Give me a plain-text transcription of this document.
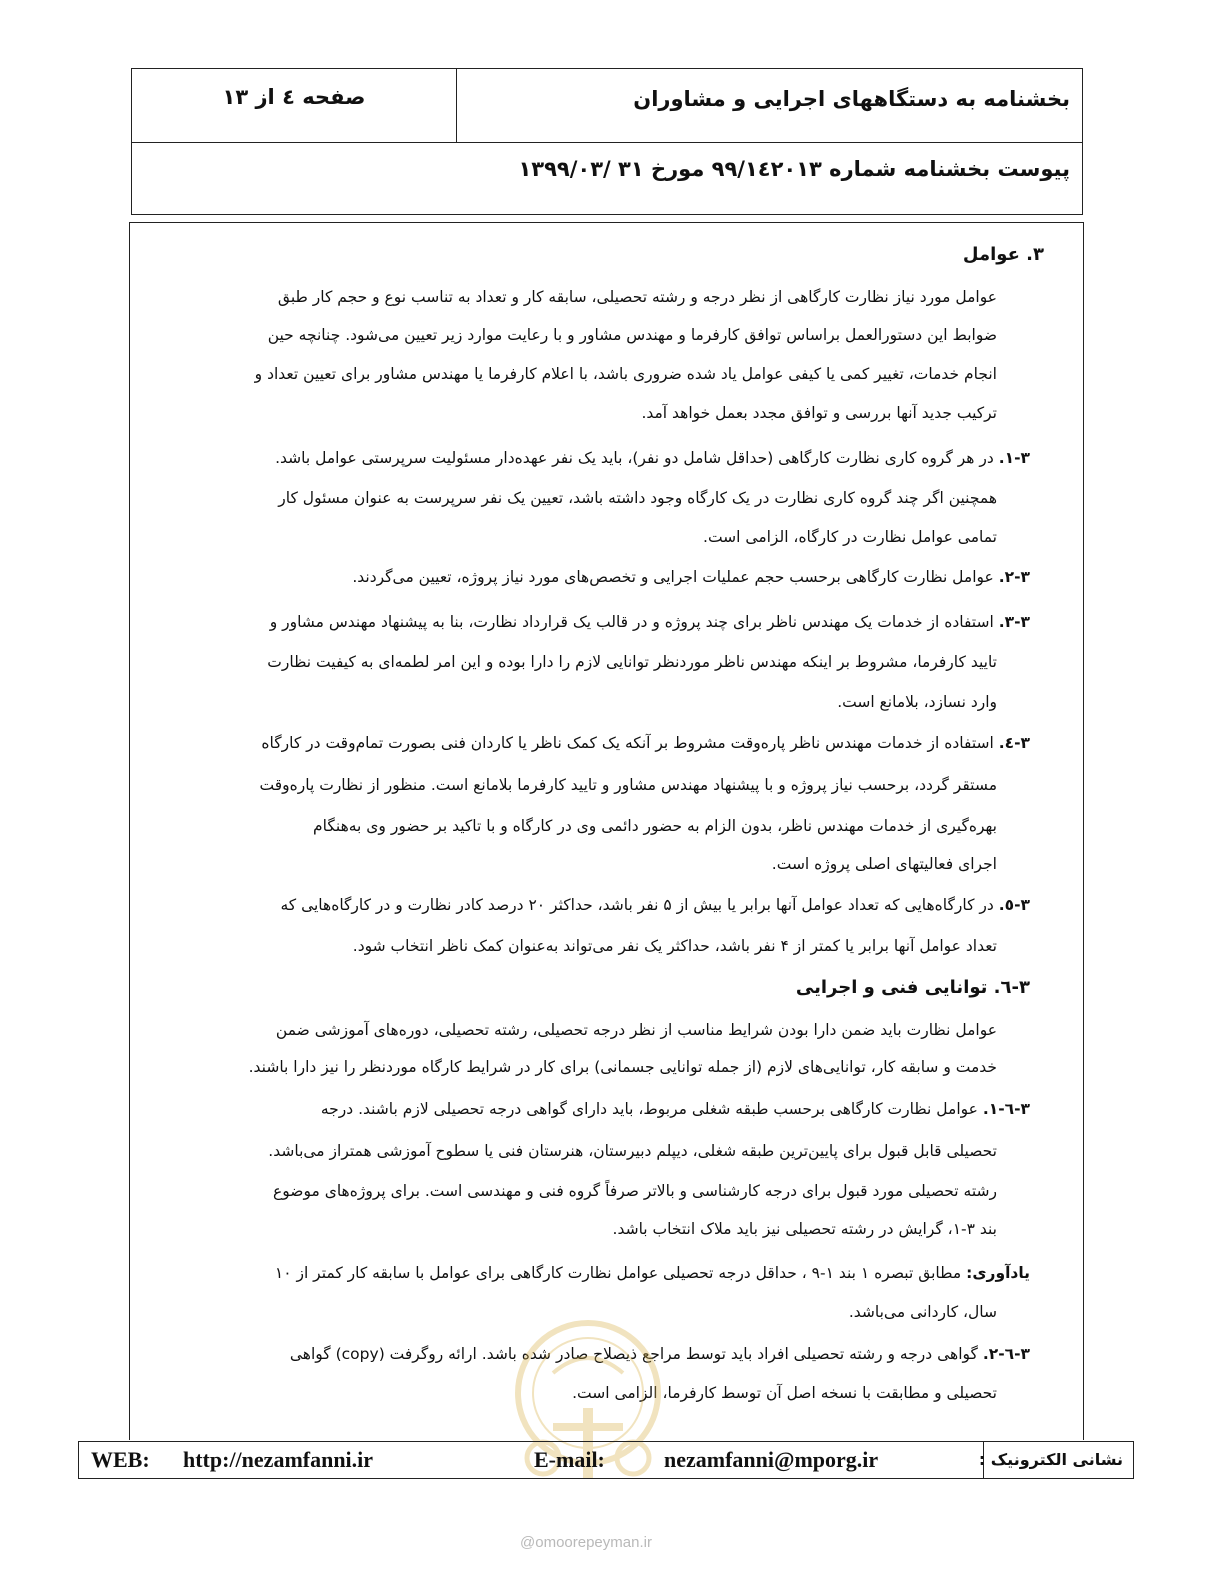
بخشنامه به دستگاههای اجرایی و مشاوران
صفحه ٤ از ١٣
پیوست بخشنامه شماره ٩٩/١٤٢٠١٣ مورخ ٣١ /١٣٩٩/٠٣
٣. عوامل
عوامل مورد نیاز نظارت کارگاهی از نظر درجه و رشته تحصیلی، سابقه کار و تعداد به تناسب نوع و حجم کار طبق
ضوابط این دستورالعمل براساس توافق کارفرما و مهندس مشاور و با رعایت موارد زیر تعیین می‌شود. چنانچه حین
انجام خدمات، تغییر کمی یا کیفی عوامل یاد شده ضروری باشد، با اعلام کارفرما یا مهندس مشاور برای تعیین تعداد و
ترکیب جدید آنها بررسی و توافق مجدد بعمل خواهد آمد.
٣-١. در هر گروه کاری نظارت کارگاهی (حداقل شامل دو نفر)، باید یک نفر عهده‌دار مسئولیت سرپرستی عوامل باشد.
همچنین اگر چند گروه کاری نظارت در یک کارگاه وجود داشته باشد، تعیین یک نفر سرپرست به عنوان مسئول کار
تمامی عوامل نظارت در کارگاه، الزامی است.
٣-٢. عوامل نظارت کارگاهی برحسب حجم عملیات اجرایی و تخصص‌های مورد نیاز پروژه، تعیین می‌گردند.
٣-٣. استفاده از خدمات یک مهندس ناظر برای چند پروژه و در قالب یک قرارداد نظارت، بنا به پیشنهاد مهندس مشاور و
تایید کارفرما، مشروط بر اینکه مهندس ناظر موردنظر توانایی لازم را دارا بوده و این امر لطمه‌ای به کیفیت نظارت
وارد نسازد، بلامانع است.
٣-٤. استفاده از خدمات مهندس ناظر پاره‌وقت مشروط بر آنکه یک کمک ناظر یا کاردان فنی بصورت تمام‌وقت در کارگاه
مستقر گردد، برحسب نیاز پروژه و با پیشنهاد مهندس مشاور و تایید کارفرما بلامانع است. منظور از نظارت پاره‌وقت
بهره‌گیری از خدمات مهندس ناظر، بدون الزام به حضور دائمی وی در کارگاه و با تاکید بر حضور وی به‌هنگام
اجرای فعالیتهای اصلی پروژه است.
٣-٥. در کارگاه‌هایی که تعداد عوامل آنها برابر یا بیش از ۵ نفر باشد، حداکثر ۲۰ درصد کادر نظارت و در کارگاه‌هایی که
تعداد عوامل آنها برابر یا کمتر از ۴ نفر باشد، حداکثر یک نفر می‌تواند به‌عنوان کمک ناظر انتخاب شود.
٣-٦. توانایی فنی و اجرایی
عوامل نظارت باید ضمن دارا بودن شرایط مناسب از نظر درجه تحصیلی، رشته تحصیلی، دوره‌های آموزشی ضمن
خدمت و سابقه کار، توانایی‌های لازم (از جمله توانایی جسمانی) برای کار در شرایط کارگاه موردنظر را نیز دارا باشند.
٣-٦-١. عوامل نظارت کارگاهی برحسب طبقه شغلی مربوط، باید دارای گواهی درجه تحصیلی لازم باشند. درجه
تحصیلی قابل قبول برای پایین‌ترین طبقه شغلی، دیپلم دبیرستان، هنرستان فنی یا سطوح آموزشی همتراز می‌باشد.
رشته تحصیلی مورد قبول برای درجه کارشناسی و بالاتر صرفاً گروه فنی و مهندسی است. برای پروژه‌های موضوع
بند ٣-١، گرایش در رشته تحصیلی نیز باید ملاک انتخاب باشد.
یادآوری: مطابق تبصره ۱ بند ۱-۹ ، حداقل درجه تحصیلی عوامل نظارت کارگاهی برای عوامل با سابقه کار کمتر از ۱۰
سال، کاردانی می‌باشد.
٣-٦-٢. گواهی درجه و رشته تحصیلی افراد باید توسط مراجع ذیصلاح صادر شده باشد. ارائه روگرفت (copy) گواهی
تحصیلی و مطابقت با نسخه اصل آن توسط کارفرما، الزامی است.
WEB: http://nezamfanni.ir	E-mail:	nezamfanni@mporg.ir	نشانی الکترونیک :
@omoorepeyman.ir
